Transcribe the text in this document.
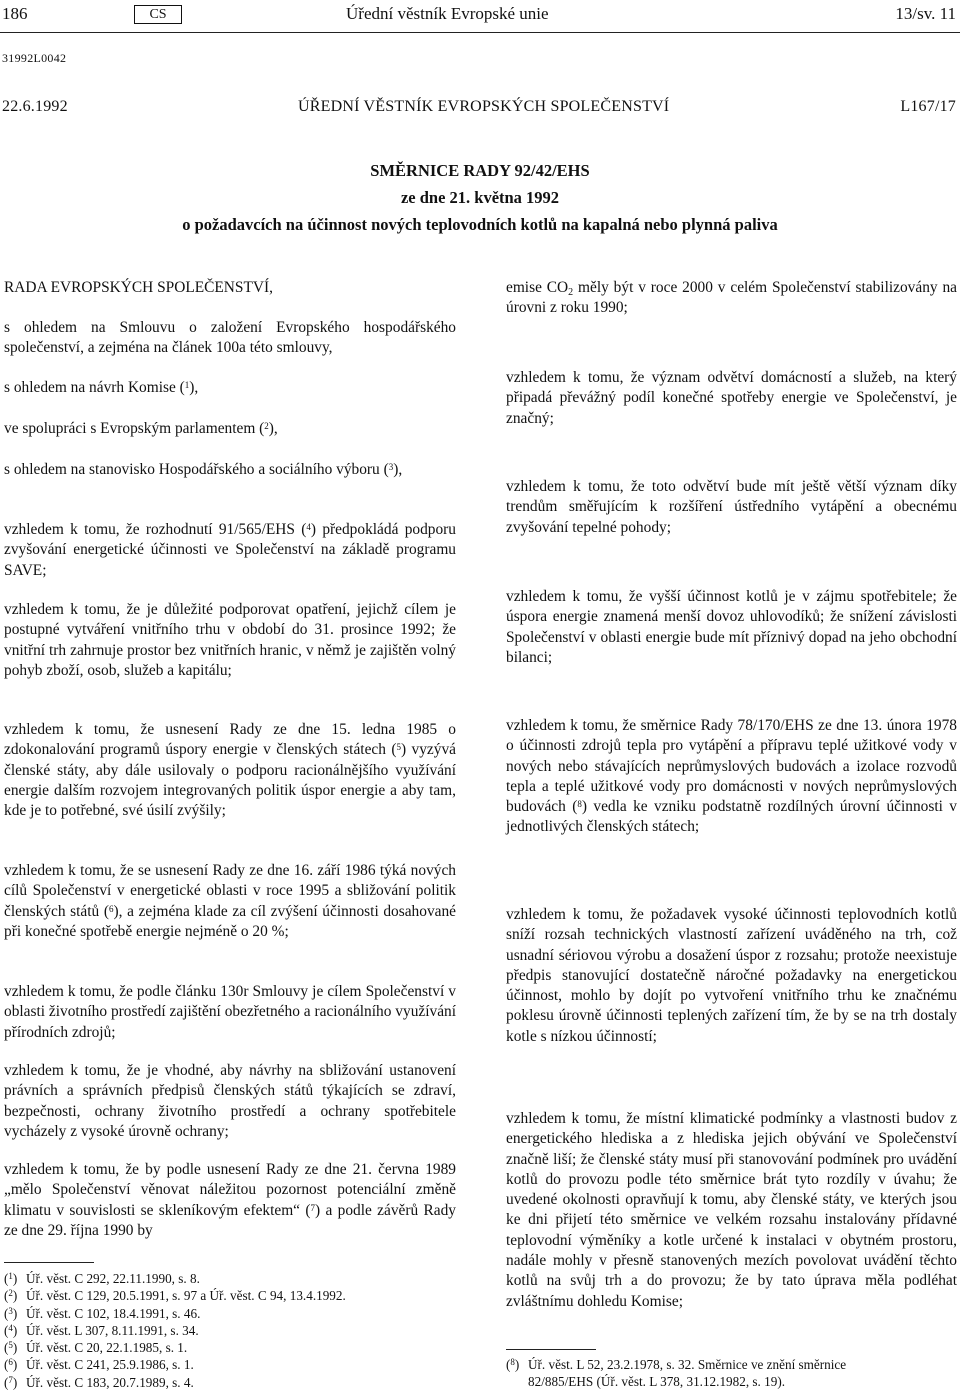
186	CS	Úřední věstník Evropské unie	13/sv. 11
31992L0042
22.6.1992	ÚŘEDNÍ VĚSTNÍK EVROPSKÝCH SPOLEČENSTVÍ	L167/17
SMĚRNICE RADY 92/42/EHS
ze dne 21. května 1992
o požadavcích na účinnost nových teplovodních kotlů na kapalná nebo plynná paliva

RADA EVROPSKÝCH SPOLEČENSTVÍ,

s ohledem na Smlouvu o založení Evropského hospodářského společenství, a zejména na článek 100a této smlouvy,

s ohledem na návrh Komise ($^1$),

ve spolupráci s Evropským parlamentem ($^2$),

s ohledem na stanovisko Hospodářského a sociálního výboru ($^3$),

vzhledem k tomu, že rozhodnutí 91/565/EHS ($^4$) předpokládá podporu zvyšování energetické účinnosti ve Společenství na základě programu SAVE;

vzhledem k tomu, že je důležité podporovat opatření, jejichž cílem je postupné vytváření vnitřního trhu v období do 31. prosince 1992; že vnitřní trh zahrnuje prostor bez vnitřních hranic, v němž je zajištěn volný pohyb zboží, osob, služeb a kapitálu;

vzhledem k tomu, že usnesení Rady ze dne 15. ledna 1985 o zdokonalování programů úspory energie v členských státech ($^5$) vyzývá členské státy, aby dále usilovaly o podporu racionálnějšího využívání energie dalším rozvojem integrovaných politik úspor energie a aby tam, kde je to potřebné, své úsilí zvýšily;

vzhledem k tomu, že se usnesení Rady ze dne 16. září 1986 týká nových cílů Společenství v energetické oblasti v roce 1995 a sbližování politik členských států ($^6$), a zejména klade za cíl zvýšení účinnosti dosahované při konečné spotřebě energie nejméně o 20 %;

vzhledem k tomu, že podle článku 130r Smlouvy je cílem Společenství v oblasti životního prostředí zajištění obezřetného a racionálního využívání přírodních zdrojů;

vzhledem k tomu, že je vhodné, aby návrhy na sbližování ustanovení právních a správních předpisů členských států týkajících se zdraví, bezpečnosti, ochrany životního prostředí a ochrany spotřebitele vycházely z vysoké úrovně ochrany;

vzhledem k tomu, že by podle usnesení Rady ze dne 21. června 1989 „mělo Společenství věnovat náležitou pozornost potenciální změně klimatu v souvislosti se skleníkovým efektem“ ($^7$) a podle závěrů Rady ze dne 29. října 1990 by

($^1$) Úř. věst. C 292, 22.11.1990, s. 8.
($^2$) Úř. věst. C 129, 20.5.1991, s. 97 a Úř. věst. C 94, 13.4.1992.
($^3$) Úř. věst. C 102, 18.4.1991, s. 46.
($^4$) Úř. věst. L 307, 8.11.1991, s. 34.
($^5$) Úř. věst. C 20, 22.1.1985, s. 1.
($^6$) Úř. věst. C 241, 25.9.1986, s. 1.
($^7$) Úř. věst. C 183, 20.7.1989, s. 4.

emise $CO_2$ měly být v roce 2000 v celém Společenství stabilizovány na úrovni z roku 1990;

vzhledem k tomu, že význam odvětví domácností a služeb, na který připadá převážný podíl konečné spotřeby energie ve Společenství, je značný;

vzhledem k tomu, že toto odvětví bude mít ještě větší význam díky trendům směřujícím k rozšíření ústředního vytápění a obecnému zvyšování tepelné pohody;

vzhledem k tomu, že vyšší účinnost kotlů je v zájmu spotřebitele; že úspora energie znamená menší dovoz uhlovodíků; že snížení závislosti Společenství v oblasti energie bude mít příznivý dopad na jeho obchodní bilanci;

vzhledem k tomu, že směrnice Rady 78/170/EHS ze dne 13. února 1978 o účinnosti zdrojů tepla pro vytápění a přípravu teplé užitkové vody v nových nebo stávajících neprůmyslových budovách a izolace rozvodů tepla a teplé užitkové vody pro domácnosti v nových neprůmyslových budovách ($^8$) vedla ke vzniku podstatně rozdílných úrovní účinnosti v jednotlivých členských státech;

vzhledem k tomu, že požadavek vysoké účinnosti teplovodních kotlů sníží rozsah technických vlastností zařízení uváděného na trh, což usnadní sériovou výrobu a dosažení úspor z rozsahu; protože neexistuje předpis stanovující dostatečně náročné požadavky na energetickou účinnost, mohlo by dojít po vytvoření vnitřního trhu ke značnému poklesu úrovně účinnosti teplených zařízení tím, že by se na trh dostaly kotle s nízkou účinností;

vzhledem k tomu, že místní klimatické podmínky a vlastnosti budov z energetického hlediska a z hlediska jejich obývání ve Společenství značně liší; že členské státy musí při stanovování podmínek pro uvádění kotlů do provozu podle této směrnice brát tyto rozdíly v úvahu; že uvedené okolnosti opravňují k tomu, aby členské státy, ve kterých jsou ke dni přijetí této směrnice ve velkém rozsahu instalovány přídavné teplovodní výměníky a kotle určené k instalaci v obytném prostoru, nadále mohly v přesně stanovených mezích povolovat uvádění těchto kotlů na svůj trh a do provozu; že by tato úprava měla podléhat zvláštnímu dohledu Komise;

($^8$) Úř. věst. L 52, 23.2.1978, s. 32. Směrnice ve znění směrnice
82/885/EHS (Úř. věst. L 378, 31.12.1982, s. 19).
